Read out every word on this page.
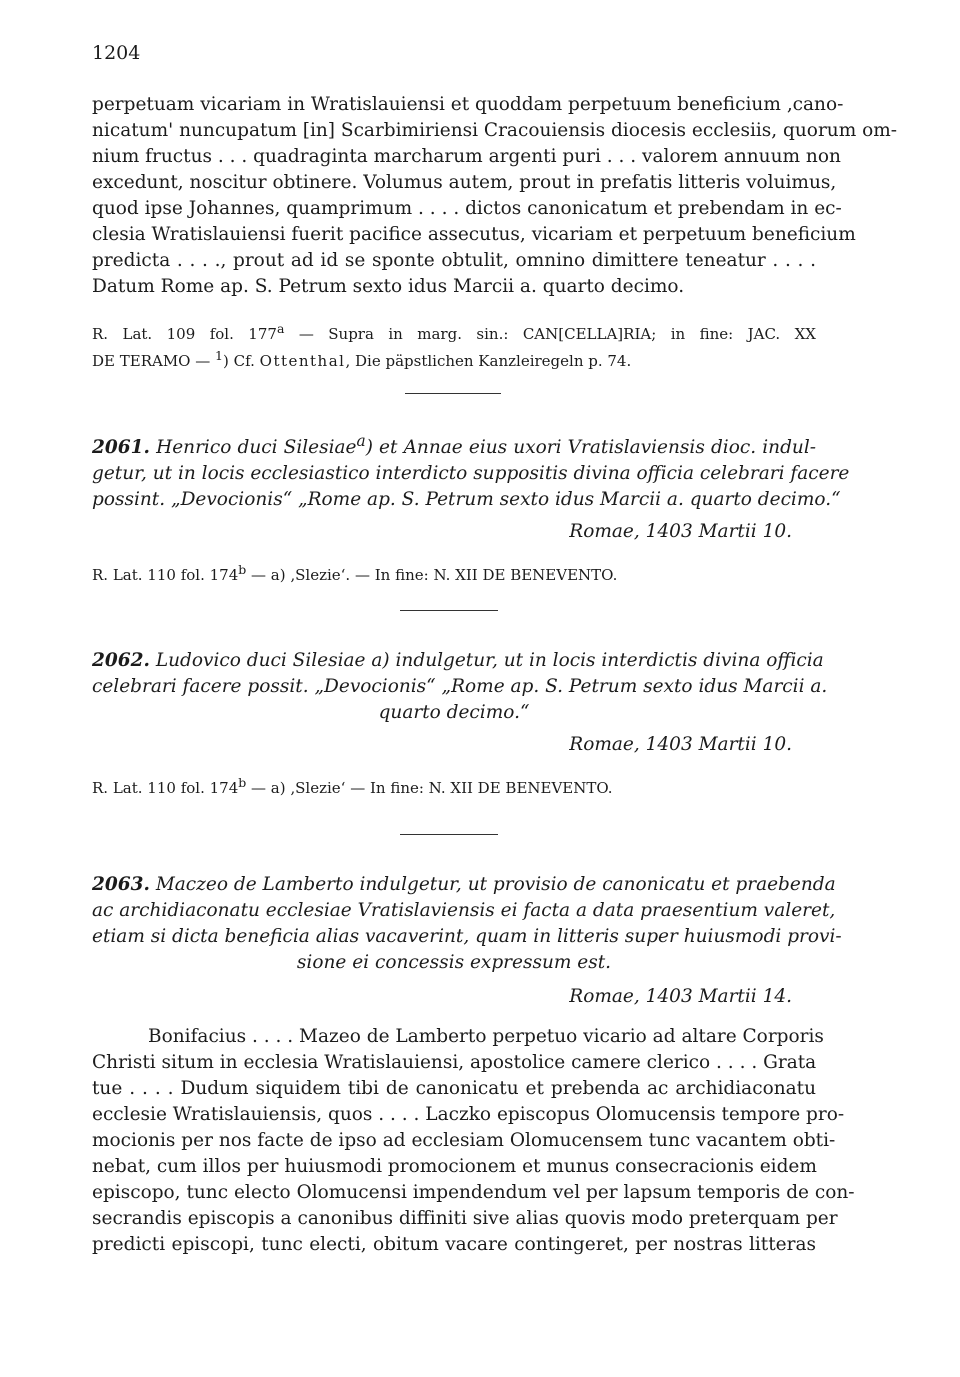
1204
perpetuam vicariam in Wratislauiensi et quoddam perpetuum beneficium ‚cano-
nicatum' nuncupatum [in] Scarbimiriensi Cracouiensis diocesis ecclesiis, quorum om-
nium fructus . . . quadraginta marcharum argenti puri . . . valorem annuum non
excedunt, noscitur obtinere. Volumus autem, prout in prefatis litteris voluimus,
quod ipse Johannes, quamprimum . . . . dictos canonicatum et prebendam in ec-
clesia Wratislauiensi fuerit pacifice assecutus, vicariam et perpetuum beneficium
predicta . . . ., prout ad id se sponte obtulit, omnino dimittere teneatur . . . .
Datum Rome ap. S. Petrum sexto idus Marcii a. quarto decimo.
R. Lat. 109 fol. 177$^a$ — Supra in marg. sin.: CAN[CELLA]RIA; in fine: JAC. XX
DE TERAMO — $^1$) Cf. Ottenthal, Die päpstlichen Kanzleiregeln p. 74.
2061. Henrico duci Silesiae$^a$) et Annae eius uxori Vratislaviensis dioc. indul-
getur, ut in locis ecclesiastico interdicto suppositis divina officia celebrari facere
possint. „Devocionis“ „Rome ap. S. Petrum sexto idus Marcii a. quarto decimo.“
Romae, 1403 Martii 10.
R. Lat. 110 fol. 174$^b$ — a) ‚Slezie‘. — In fine: N. XII DE BENEVENTO.
2062. Ludovico duci Silesiae a) indulgetur, ut in locis interdictis divina officia
celebrari facere possit. „Devocionis“ „Rome ap. S. Petrum sexto idus Marcii a.
quarto decimo.“
Romae, 1403 Martii 10.
R. Lat. 110 fol. 174$^b$ — a) ‚Slezie‘ — In fine: N. XII DE BENEVENTO.
2063. Maczeo de Lamberto indulgetur, ut provisio de canonicatu et praebenda
ac archidiaconatu ecclesiae Vratislaviensis ei facta a data praesentium valeret,
etiam si dicta beneficia alias vacaverint, quam in litteris super huiusmodi provi-
sione ei concessis expressum est.
Romae, 1403 Martii 14.
Bonifacius . . . . Mazeo de Lamberto perpetuo vicario ad altare Corporis
Christi situm in ecclesia Wratislauiensi, apostolice camere clerico . . . . Grata
tue . . . . Dudum siquidem tibi de canonicatu et prebenda ac archidiaconatu
ecclesie Wratislauiensis, quos . . . . Laczko episcopus Olomucensis tempore pro-
mocionis per nos facte de ipso ad ecclesiam Olomucensem tunc vacantem obti-
nebat, cum illos per huiusmodi promocionem et munus consecracionis eidem
episcopo, tunc electo Olomucensi impendendum vel per lapsum temporis de con-
secrandis episcopis a canonibus diffiniti sive alias quovis modo preterquam per
predicti episcopi, tunc electi, obitum vacare contingeret, per nostras litteras
